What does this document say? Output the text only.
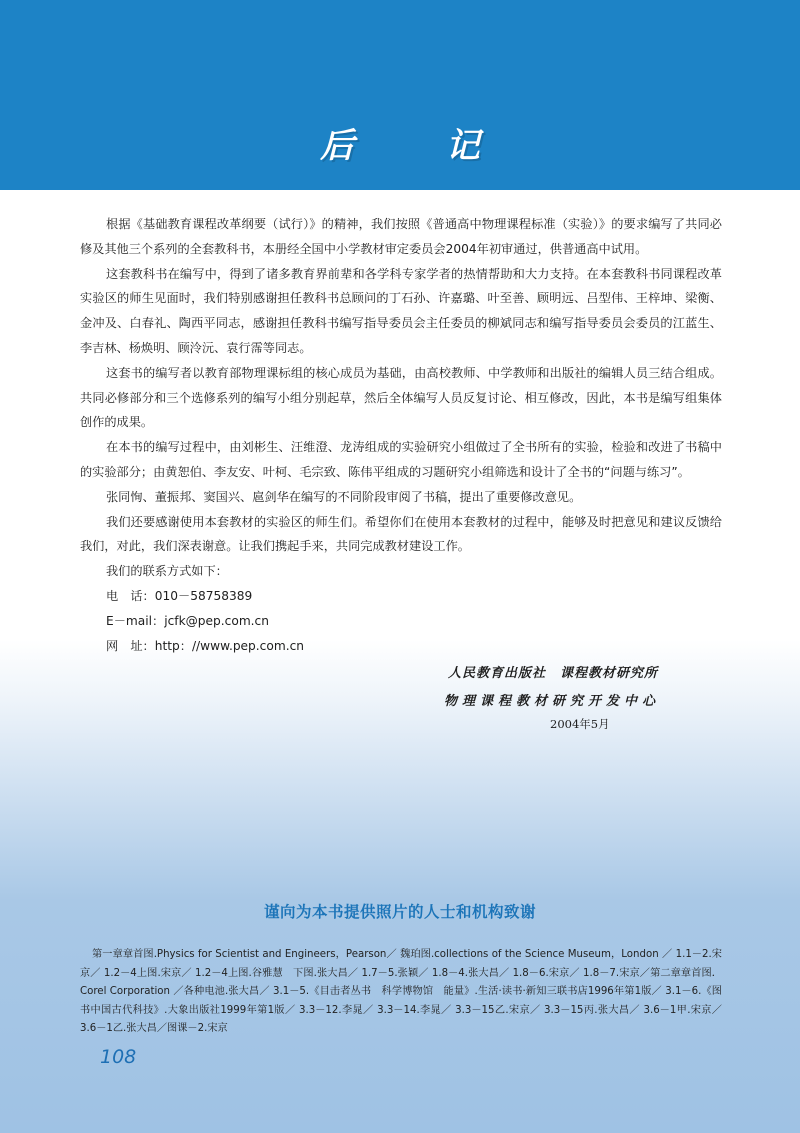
后 记

根据《基础教育课程改革纲要（试行）》的精神，我们按照《普通高中物理课程标准（实验）》的要求编写了共同必修及其他三个系列的全套教科书，本册经全国中小学教材审定委员会2004年初审通过，供普通高中试用。

这套教科书在编写中，得到了诸多教育界前辈和各学科专家学者的热情帮助和大力支持。在本套教科书同课程改革实验区的师生见面时，我们特别感谢担任教科书总顾问的丁石孙、许嘉璐、叶至善、顾明远、吕型伟、王梓坤、梁衡、金冲及、白春礼、陶西平同志，感谢担任教科书编写指导委员会主任委员的柳斌同志和编写指导委员会委员的江蓝生、李吉林、杨焕明、顾泠沅、袁行霈等同志。

这套书的编写者以教育部物理课标组的核心成员为基础，由高校教师、中学教师和出版社的编辑人员三结合组成。共同必修部分和三个选修系列的编写小组分别起草，然后全体编写人员反复讨论、相互修改，因此，本书是编写组集体创作的成果。

在本书的编写过程中，由刘彬生、汪维澄、龙涛组成的实验研究小组做过了全书所有的实验，检验和改进了书稿中的实验部分；由黄恕伯、李友安、叶柯、毛宗致、陈伟平组成的习题研究小组筛选和设计了全书的“问题与练习”。

张同恂、董振邦、窦国兴、扈剑华在编写的不同阶段审阅了书稿，提出了重要修改意见。

我们还要感谢使用本套教材的实验区的师生们。希望你们在使用本套教材的过程中，能够及时把意见和建议反馈给我们，对此，我们深表谢意。让我们携起手来，共同完成教材建设工作。

我们的联系方式如下：
电　话：010－58758389
E－mail：jcfk@pep.com.cn
网　址：http：//www.pep.com.cn
人民教育出版社　课程教材研究所
物理课程教材研究开发中心
2004年5月
谨向为本书提供照片的人士和机构致谢

第一章章首图.Physics for Scientist and Engineers，Pearson／ 魏珀图.collections of the Science Museum，London ／ 1.1－2.宋京／ 1.2－4上图.宋京／ 1.2－4上图.谷雅慧　下图.张大昌／ 1.7－5.张颖／ 1.8－4.张大昌／ 1.8－6.宋京／ 1.8－7.宋京／第二章章首图．Corel Corporation ／各种电池.张大昌／ 3.1－5.《目击者丛书　科学博物馆　能量》.生活·读书·新知三联书店1996年第1版／ 3.1－6.《图书中国古代科技》.大象出版社1999年第1版／ 3.3－12.李晁／ 3.3－14.李晁／ 3.3－15乙.宋京／ 3.3－15丙.张大昌／ 3.6－1甲.宋京／ 3.6－1乙.张大昌／图课－2.宋京

108
